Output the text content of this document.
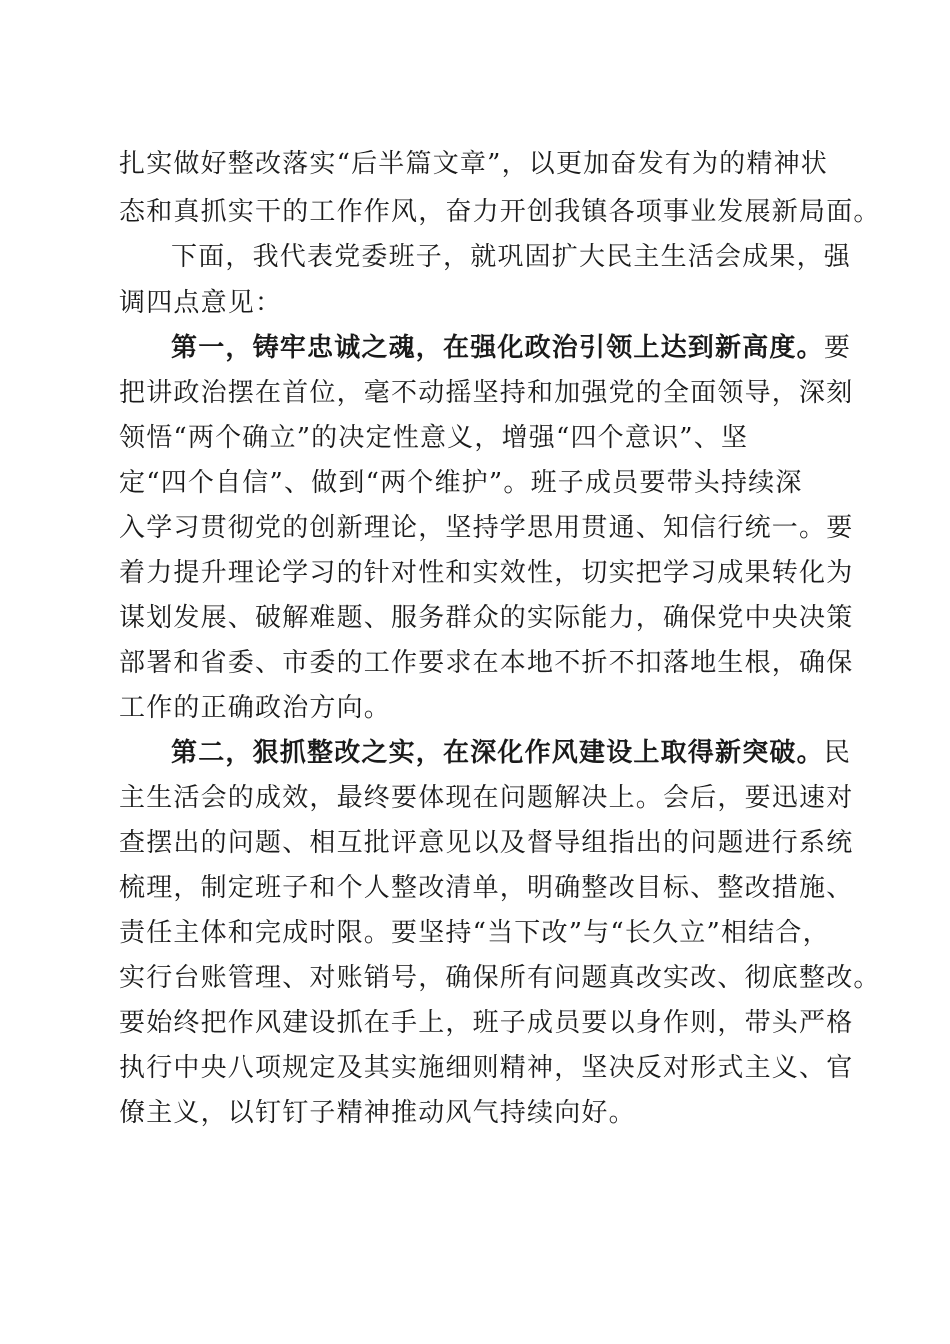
扎实做好整改落实“后半篇文章”，以更加奋发有为的精神状
态和真抓实干的工作作风，奋力开创我镇各项事业发展新局面。
下面，我代表党委班子，就巩固扩大民主生活会成果，强
调四点意见：
第一，铸牢忠诚之魂，在强化政治引领上达到新高度。要
把讲政治摆在首位，毫不动摇坚持和加强党的全面领导，深刻
领悟“两个确立”的决定性意义，增强“四个意识”、坚
定“四个自信”、做到“两个维护”。班子成员要带头持续深
入学习贯彻党的创新理论，坚持学思用贯通、知信行统一。要
着力提升理论学习的针对性和实效性，切实把学习成果转化为
谋划发展、破解难题、服务群众的实际能力，确保党中央决策
部署和省委、市委的工作要求在本地不折不扣落地生根，确保
工作的正确政治方向。
第二，狠抓整改之实，在深化作风建设上取得新突破。民
主生活会的成效，最终要体现在问题解决上。会后，要迅速对
查摆出的问题、相互批评意见以及督导组指出的问题进行系统
梳理，制定班子和个人整改清单，明确整改目标、整改措施、
责任主体和完成时限。要坚持“当下改”与“长久立”相结合，
实行台账管理、对账销号，确保所有问题真改实改、彻底整改。
要始终把作风建设抓在手上，班子成员要以身作则，带头严格
执行中央八项规定及其实施细则精神，坚决反对形式主义、官
僚主义，以钉钉子精神推动风气持续向好。
